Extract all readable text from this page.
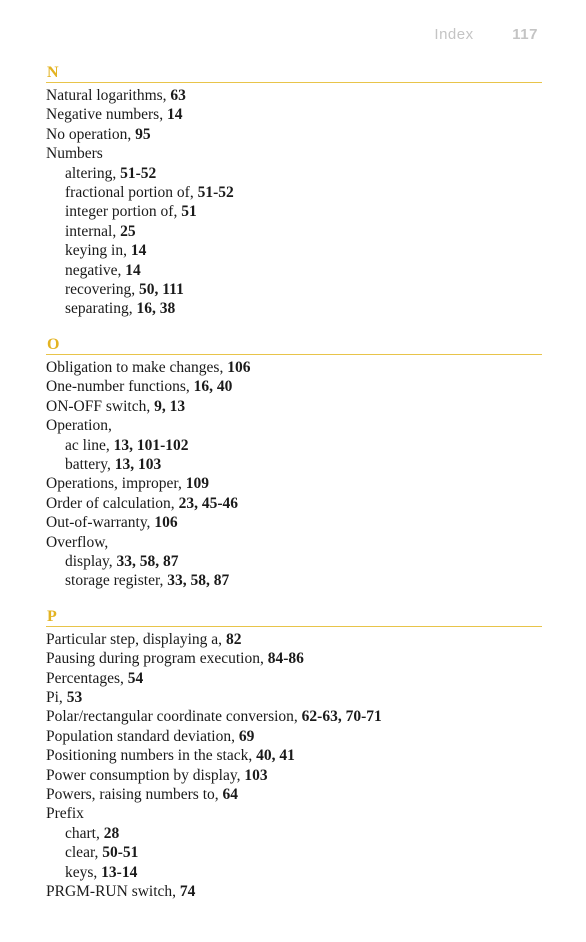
Index	117
N
Natural logarithms, 63
Negative numbers, 14
No operation, 95
Numbers
altering, 51-52
fractional portion of, 51-52
integer portion of, 51
internal, 25
keying in, 14
negative, 14
recovering, 50, 111
separating, 16, 38
O
Obligation to make changes, 106
One-number functions, 16, 40
ON-OFF switch, 9, 13
Operation,
ac line, 13, 101-102
battery, 13, 103
Operations, improper, 109
Order of calculation, 23, 45-46
Out-of-warranty, 106
Overflow,
display, 33, 58, 87
storage register, 33, 58, 87
P
Particular step, displaying a, 82
Pausing during program execution, 84-86
Percentages, 54
Pi, 53
Polar/rectangular coordinate conversion, 62-63, 70-71
Population standard deviation, 69
Positioning numbers in the stack, 40, 41
Power consumption by display, 103
Powers, raising numbers to, 64
Prefix
chart, 28
clear, 50-51
keys, 13-14
PRGM-RUN switch, 74
